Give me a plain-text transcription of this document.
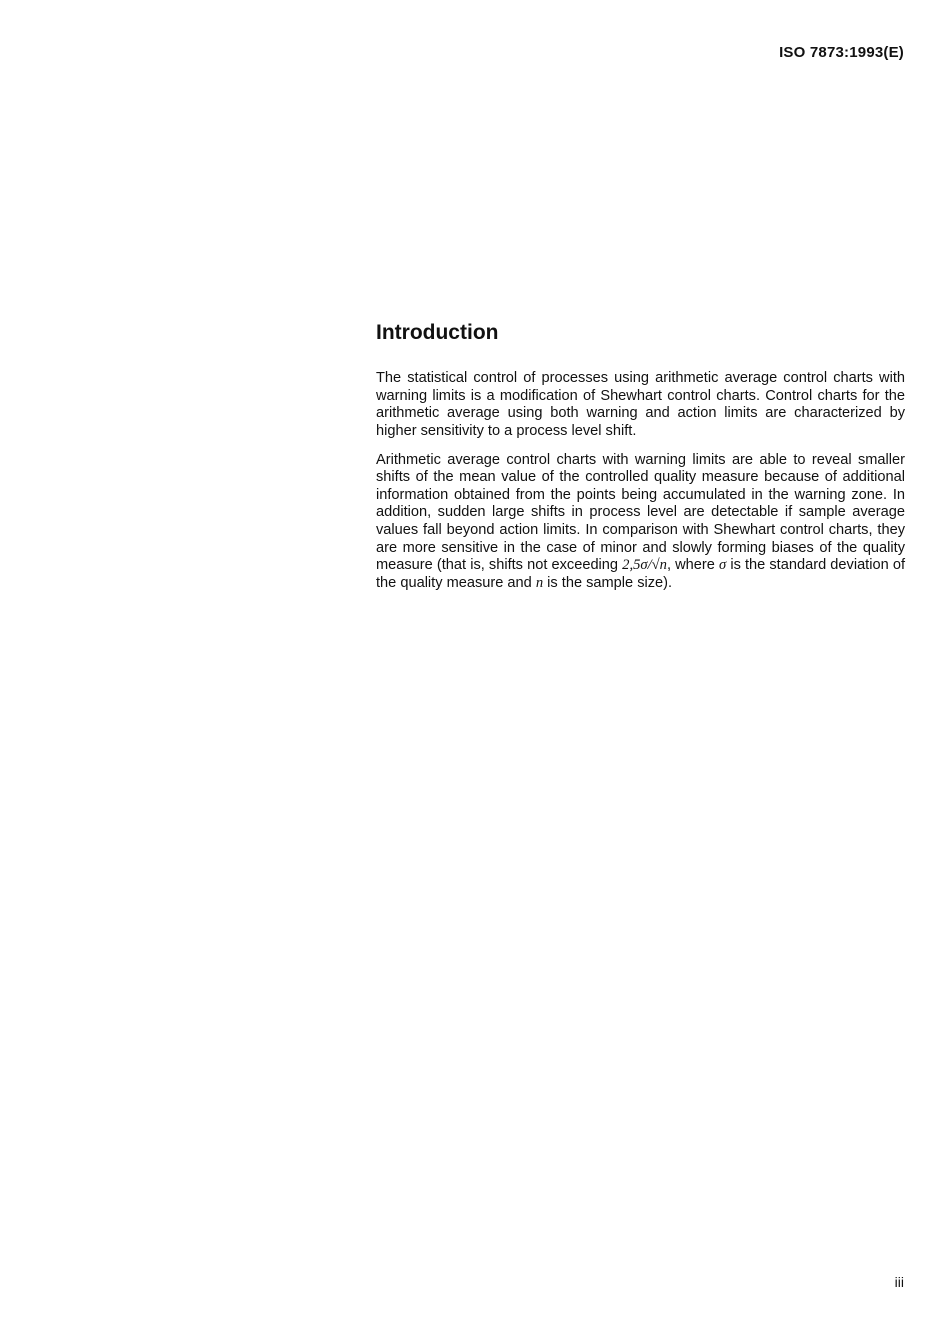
ISO 7873:1993(E)
Introduction

The statistical control of processes using arithmetic average control charts with warning limits is a modification of Shewhart control charts. Control charts for the arithmetic average using both warning and action limits are characterized by higher sensitivity to a process level shift.

Arithmetic average control charts with warning limits are able to reveal smaller shifts of the mean value of the controlled quality measure because of additional information obtained from the points being accumulated in the warning zone. In addition, sudden large shifts in process level are detectable if sample average values fall beyond action limits. In comparison with Shewhart control charts, they are more sensitive in the case of minor and slowly forming biases of the quality measure (that is, shifts not exceeding 2,5σ/√n, where σ is the standard deviation of the quality measure and n is the sample size).

iii
